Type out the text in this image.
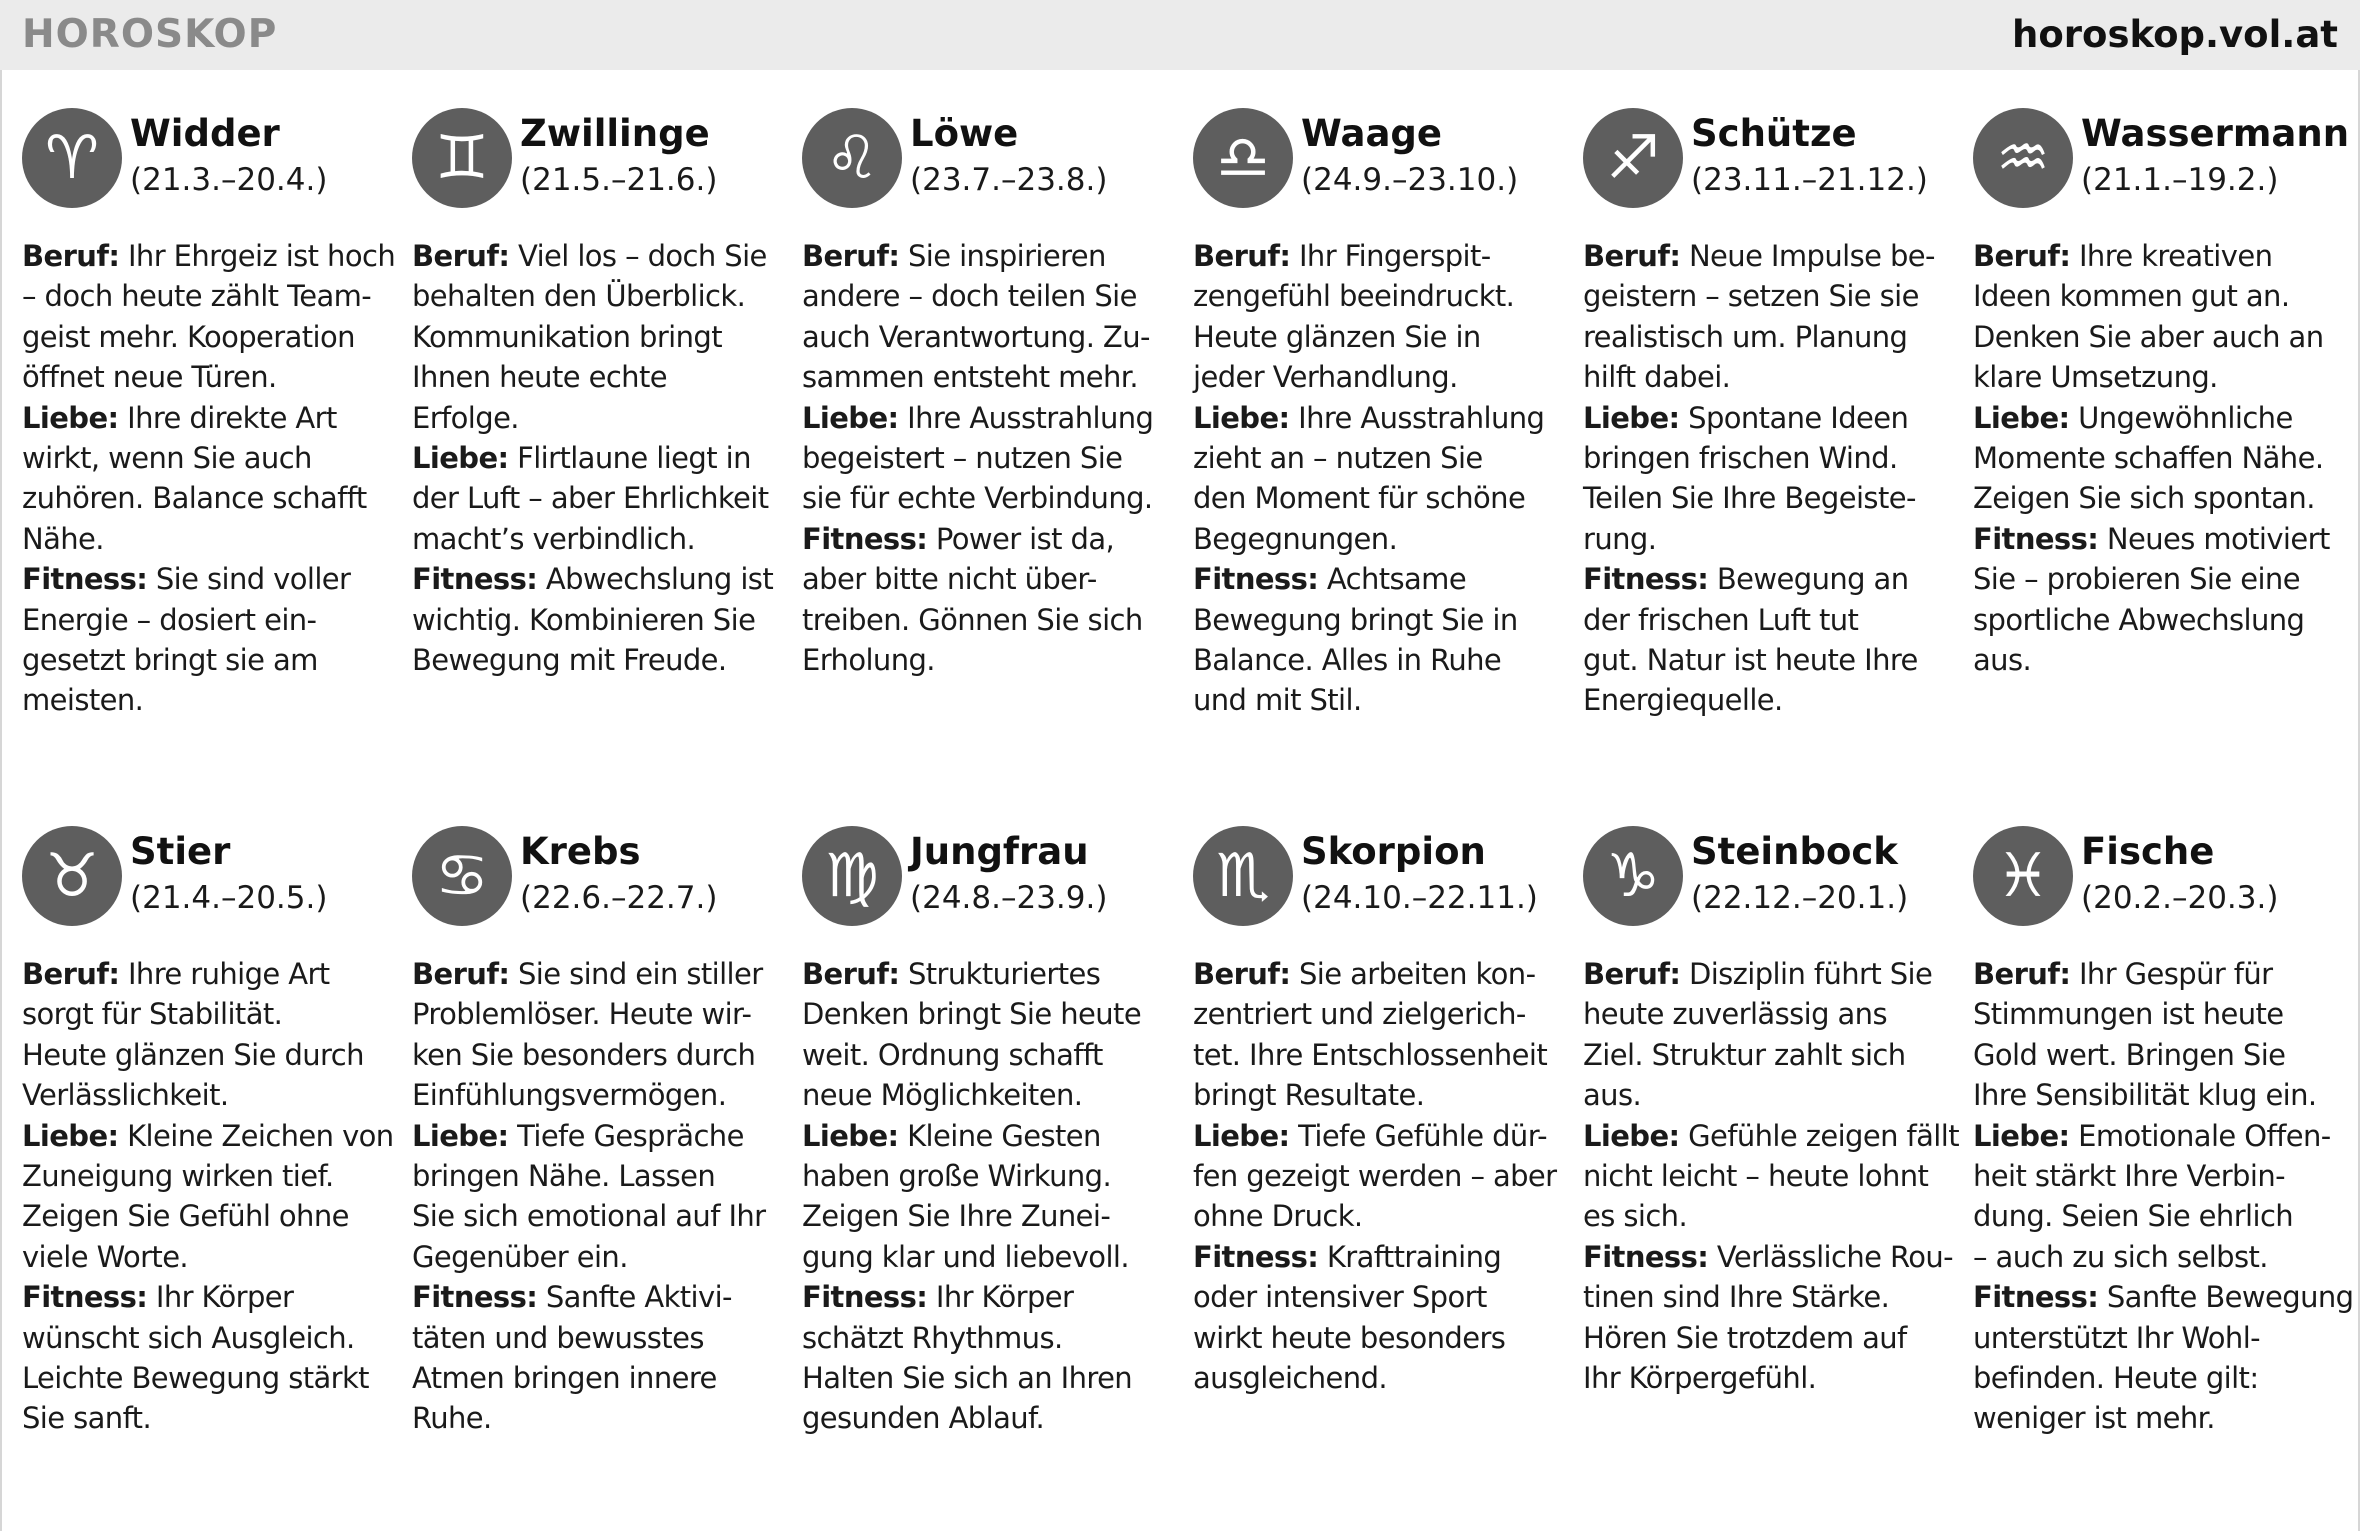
HOROSKOP	horoskop.vol.at
♈ Widder
(21.3.–20.4.)
Beruf: Ihr Ehrgeiz ist hoch
– doch heute zählt Team-
geist mehr. Kooperation
öffnet neue Türen.
Liebe: Ihre direkte Art
wirkt, wenn Sie auch
zuhören. Balance schafft
Nähe.
Fitness: Sie sind voller
Energie – dosiert ein-
gesetzt bringt sie am
meisten.
♊ Zwillinge
(21.5.–21.6.)
Beruf: Viel los – doch Sie
behalten den Überblick.
Kommunikation bringt
Ihnen heute echte
Erfolge.
Liebe: Flirtlaune liegt in
der Luft – aber Ehrlichkeit
macht’s verbindlich.
Fitness: Abwechslung ist
wichtig. Kombinieren Sie
Bewegung mit Freude.
♌ Löwe
(23.7.–23.8.)
Beruf: Sie inspirieren
andere – doch teilen Sie
auch Verantwortung. Zu-
sammen entsteht mehr.
Liebe: Ihre Ausstrahlung
begeistert – nutzen Sie
sie für echte Verbindung.
Fitness: Power ist da,
aber bitte nicht über-
treiben. Gönnen Sie sich
Erholung.
♎ Waage
(24.9.–23.10.)
Beruf: Ihr Fingerspit-
zengefühl beeindruckt.
Heute glänzen Sie in
jeder Verhandlung.
Liebe: Ihre Ausstrahlung
zieht an – nutzen Sie
den Moment für schöne
Begegnungen.
Fitness: Achtsame
Bewegung bringt Sie in
Balance. Alles in Ruhe
und mit Stil.
♐ Schütze
(23.11.–21.12.)
Beruf: Neue Impulse be-
geistern – setzen Sie sie
realistisch um. Planung
hilft dabei.
Liebe: Spontane Ideen
bringen frischen Wind.
Teilen Sie Ihre Begeiste-
rung.
Fitness: Bewegung an
der frischen Luft tut
gut. Natur ist heute Ihre
Energiequelle.
♒ Wassermann
(21.1.–19.2.)
Beruf: Ihre kreativen
Ideen kommen gut an.
Denken Sie aber auch an
klare Umsetzung.
Liebe: Ungewöhnliche
Momente schaffen Nähe.
Zeigen Sie sich spontan.
Fitness: Neues motiviert
Sie – probieren Sie eine
sportliche Abwechslung
aus.
♉ Stier
(21.4.–20.5.)
Beruf: Ihre ruhige Art
sorgt für Stabilität.
Heute glänzen Sie durch
Verlässlichkeit.
Liebe: Kleine Zeichen von
Zuneigung wirken tief.
Zeigen Sie Gefühl ohne
viele Worte.
Fitness: Ihr Körper
wünscht sich Ausgleich.
Leichte Bewegung stärkt
Sie sanft.
♋ Krebs
(22.6.–22.7.)
Beruf: Sie sind ein stiller
Problemlöser. Heute wir-
ken Sie besonders durch
Einfühlungsvermögen.
Liebe: Tiefe Gespräche
bringen Nähe. Lassen
Sie sich emotional auf Ihr
Gegenüber ein.
Fitness: Sanfte Aktivi-
täten und bewusstes
Atmen bringen innere
Ruhe.
♍ Jungfrau
(24.8.–23.9.)
Beruf: Strukturiertes
Denken bringt Sie heute
weit. Ordnung schafft
neue Möglichkeiten.
Liebe: Kleine Gesten
haben große Wirkung.
Zeigen Sie Ihre Zunei-
gung klar und liebevoll.
Fitness: Ihr Körper
schätzt Rhythmus.
Halten Sie sich an Ihren
gesunden Ablauf.
♏ Skorpion
(24.10.–22.11.)
Beruf: Sie arbeiten kon-
zentriert und zielgerich-
tet. Ihre Entschlossenheit
bringt Resultate.
Liebe: Tiefe Gefühle dür-
fen gezeigt werden – aber
ohne Druck.
Fitness: Krafttraining
oder intensiver Sport
wirkt heute besonders
ausgleichend.
♑ Steinbock
(22.12.–20.1.)
Beruf: Disziplin führt Sie
heute zuverlässig ans
Ziel. Struktur zahlt sich
aus.
Liebe: Gefühle zeigen fällt
nicht leicht – heute lohnt
es sich.
Fitness: Verlässliche Rou-
tinen sind Ihre Stärke.
Hören Sie trotzdem auf
Ihr Körpergefühl.
♓ Fische
(20.2.–20.3.)
Beruf: Ihr Gespür für
Stimmungen ist heute
Gold wert. Bringen Sie
Ihre Sensibilität klug ein.
Liebe: Emotionale Offen-
heit stärkt Ihre Verbin-
dung. Seien Sie ehrlich
– auch zu sich selbst.
Fitness: Sanfte Bewegung
unterstützt Ihr Wohl-
befinden. Heute gilt:
weniger ist mehr.
